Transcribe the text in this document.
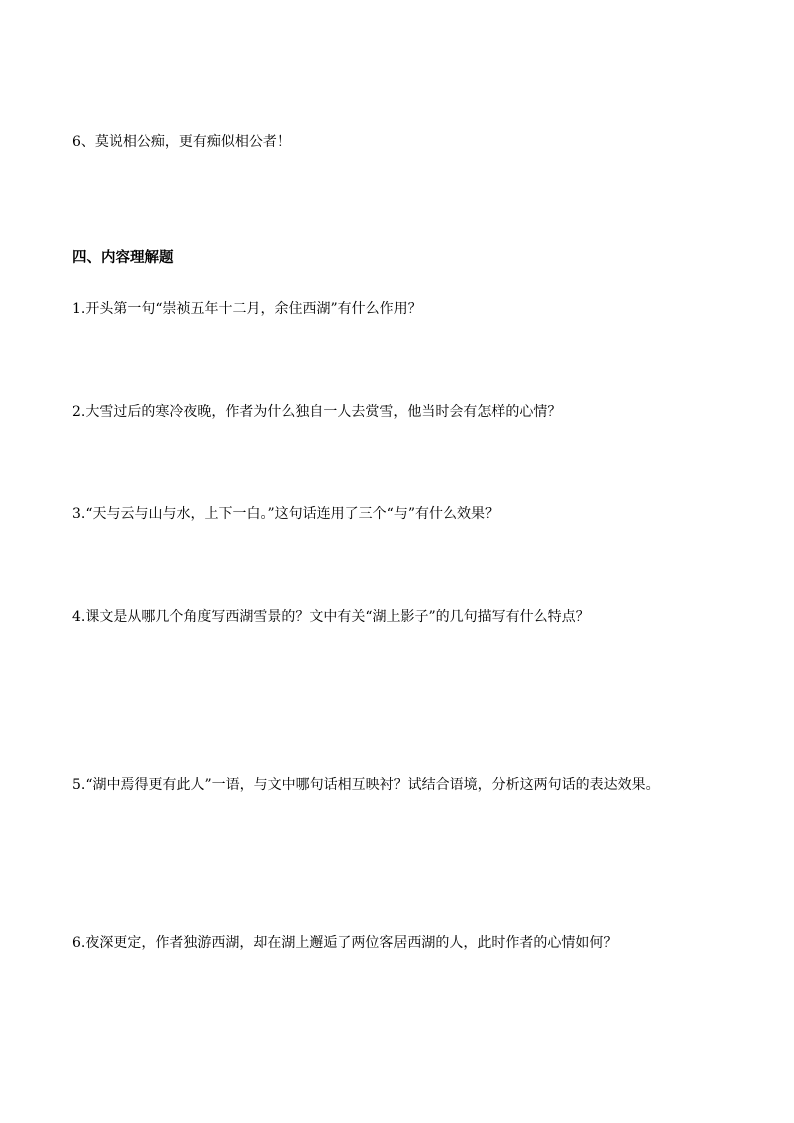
6、莫说相公痴，更有痴似相公者！
四、内容理解题
1.开头第一句“崇祯五年十二月，余住西湖”有什么作用？
2.大雪过后的寒冷夜晚，作者为什么独自一人去赏雪，他当时会有怎样的心情？
3.“天与云与山与水，上下一白。”这句话连用了三个“与”有什么效果？
4.课文是从哪几个角度写西湖雪景的？文中有关“湖上影子”的几句描写有什么特点？
5.“湖中焉得更有此人”一语，与文中哪句话相互映衬？试结合语境，分析这两句话的表达效果。
6.夜深更定，作者独游西湖，却在湖上邂逅了两位客居西湖的人，此时作者的心情如何？
